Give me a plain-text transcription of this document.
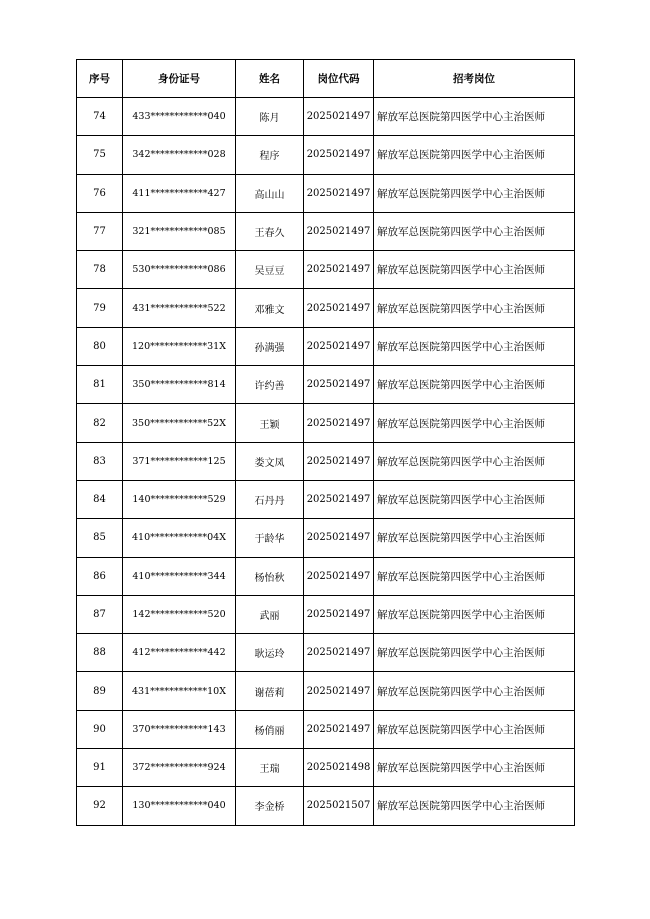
序号	身份证号	姓名	岗位代码	招考岗位
74	433************040	陈月	2025021497	解放军总医院第四医学中心主治医师
75	342************028	程序	2025021497	解放军总医院第四医学中心主治医师
76	411************427	高山山	2025021497	解放军总医院第四医学中心主治医师
77	321************085	王春久	2025021497	解放军总医院第四医学中心主治医师
78	530************086	吴豆豆	2025021497	解放军总医院第四医学中心主治医师
79	431************522	邓雅文	2025021497	解放军总医院第四医学中心主治医师
80	120************31X	孙满强	2025021497	解放军总医院第四医学中心主治医师
81	350************814	许约善	2025021497	解放军总医院第四医学中心主治医师
82	350************52X	王颖	2025021497	解放军总医院第四医学中心主治医师
83	371************125	娄文凤	2025021497	解放军总医院第四医学中心主治医师
84	140************529	石丹丹	2025021497	解放军总医院第四医学中心主治医师
85	410************04X	于龄华	2025021497	解放军总医院第四医学中心主治医师
86	410************344	杨怡秋	2025021497	解放军总医院第四医学中心主治医师
87	142************520	武丽	2025021497	解放军总医院第四医学中心主治医师
88	412************442	耿运玲	2025021497	解放军总医院第四医学中心主治医师
89	431************10X	谢蓓莉	2025021497	解放军总医院第四医学中心主治医师
90	370************143	杨俏丽	2025021497	解放军总医院第四医学中心主治医师
91	372************924	王瑞	2025021498	解放军总医院第四医学中心主治医师
92	130************040	李金桥	2025021507	解放军总医院第四医学中心主治医师
